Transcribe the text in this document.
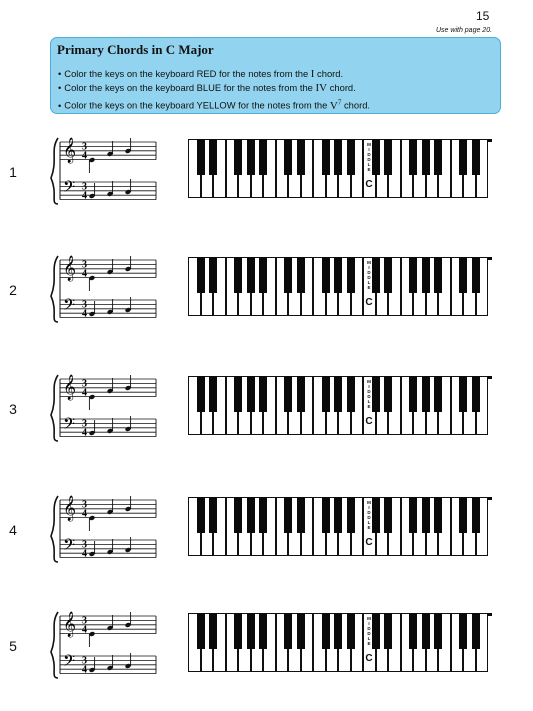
15
Use with page 20.
Primary Chords in C Major
• Color the keys on the keyboard RED for the notes from the I chord.
• Color the keys on the keyboard BLUE for the notes from the IV chord.
• Color the keys on the keyboard YELLOW for the notes from the $V^7$ chord.
1
𝄞
𝄢
3
4
3
4
M
I
D
D
L
E
C
2
𝄞
𝄢
3
4
3
4
M
I
D
D
L
E
C
3
𝄞
𝄢
3
4
3
4
M
I
D
D
L
E
C
4
𝄞
𝄢
3
4
3
4
M
I
D
D
L
E
C
5
𝄞
𝄢
3
4
3
4
M
I
D
D
L
E
C
